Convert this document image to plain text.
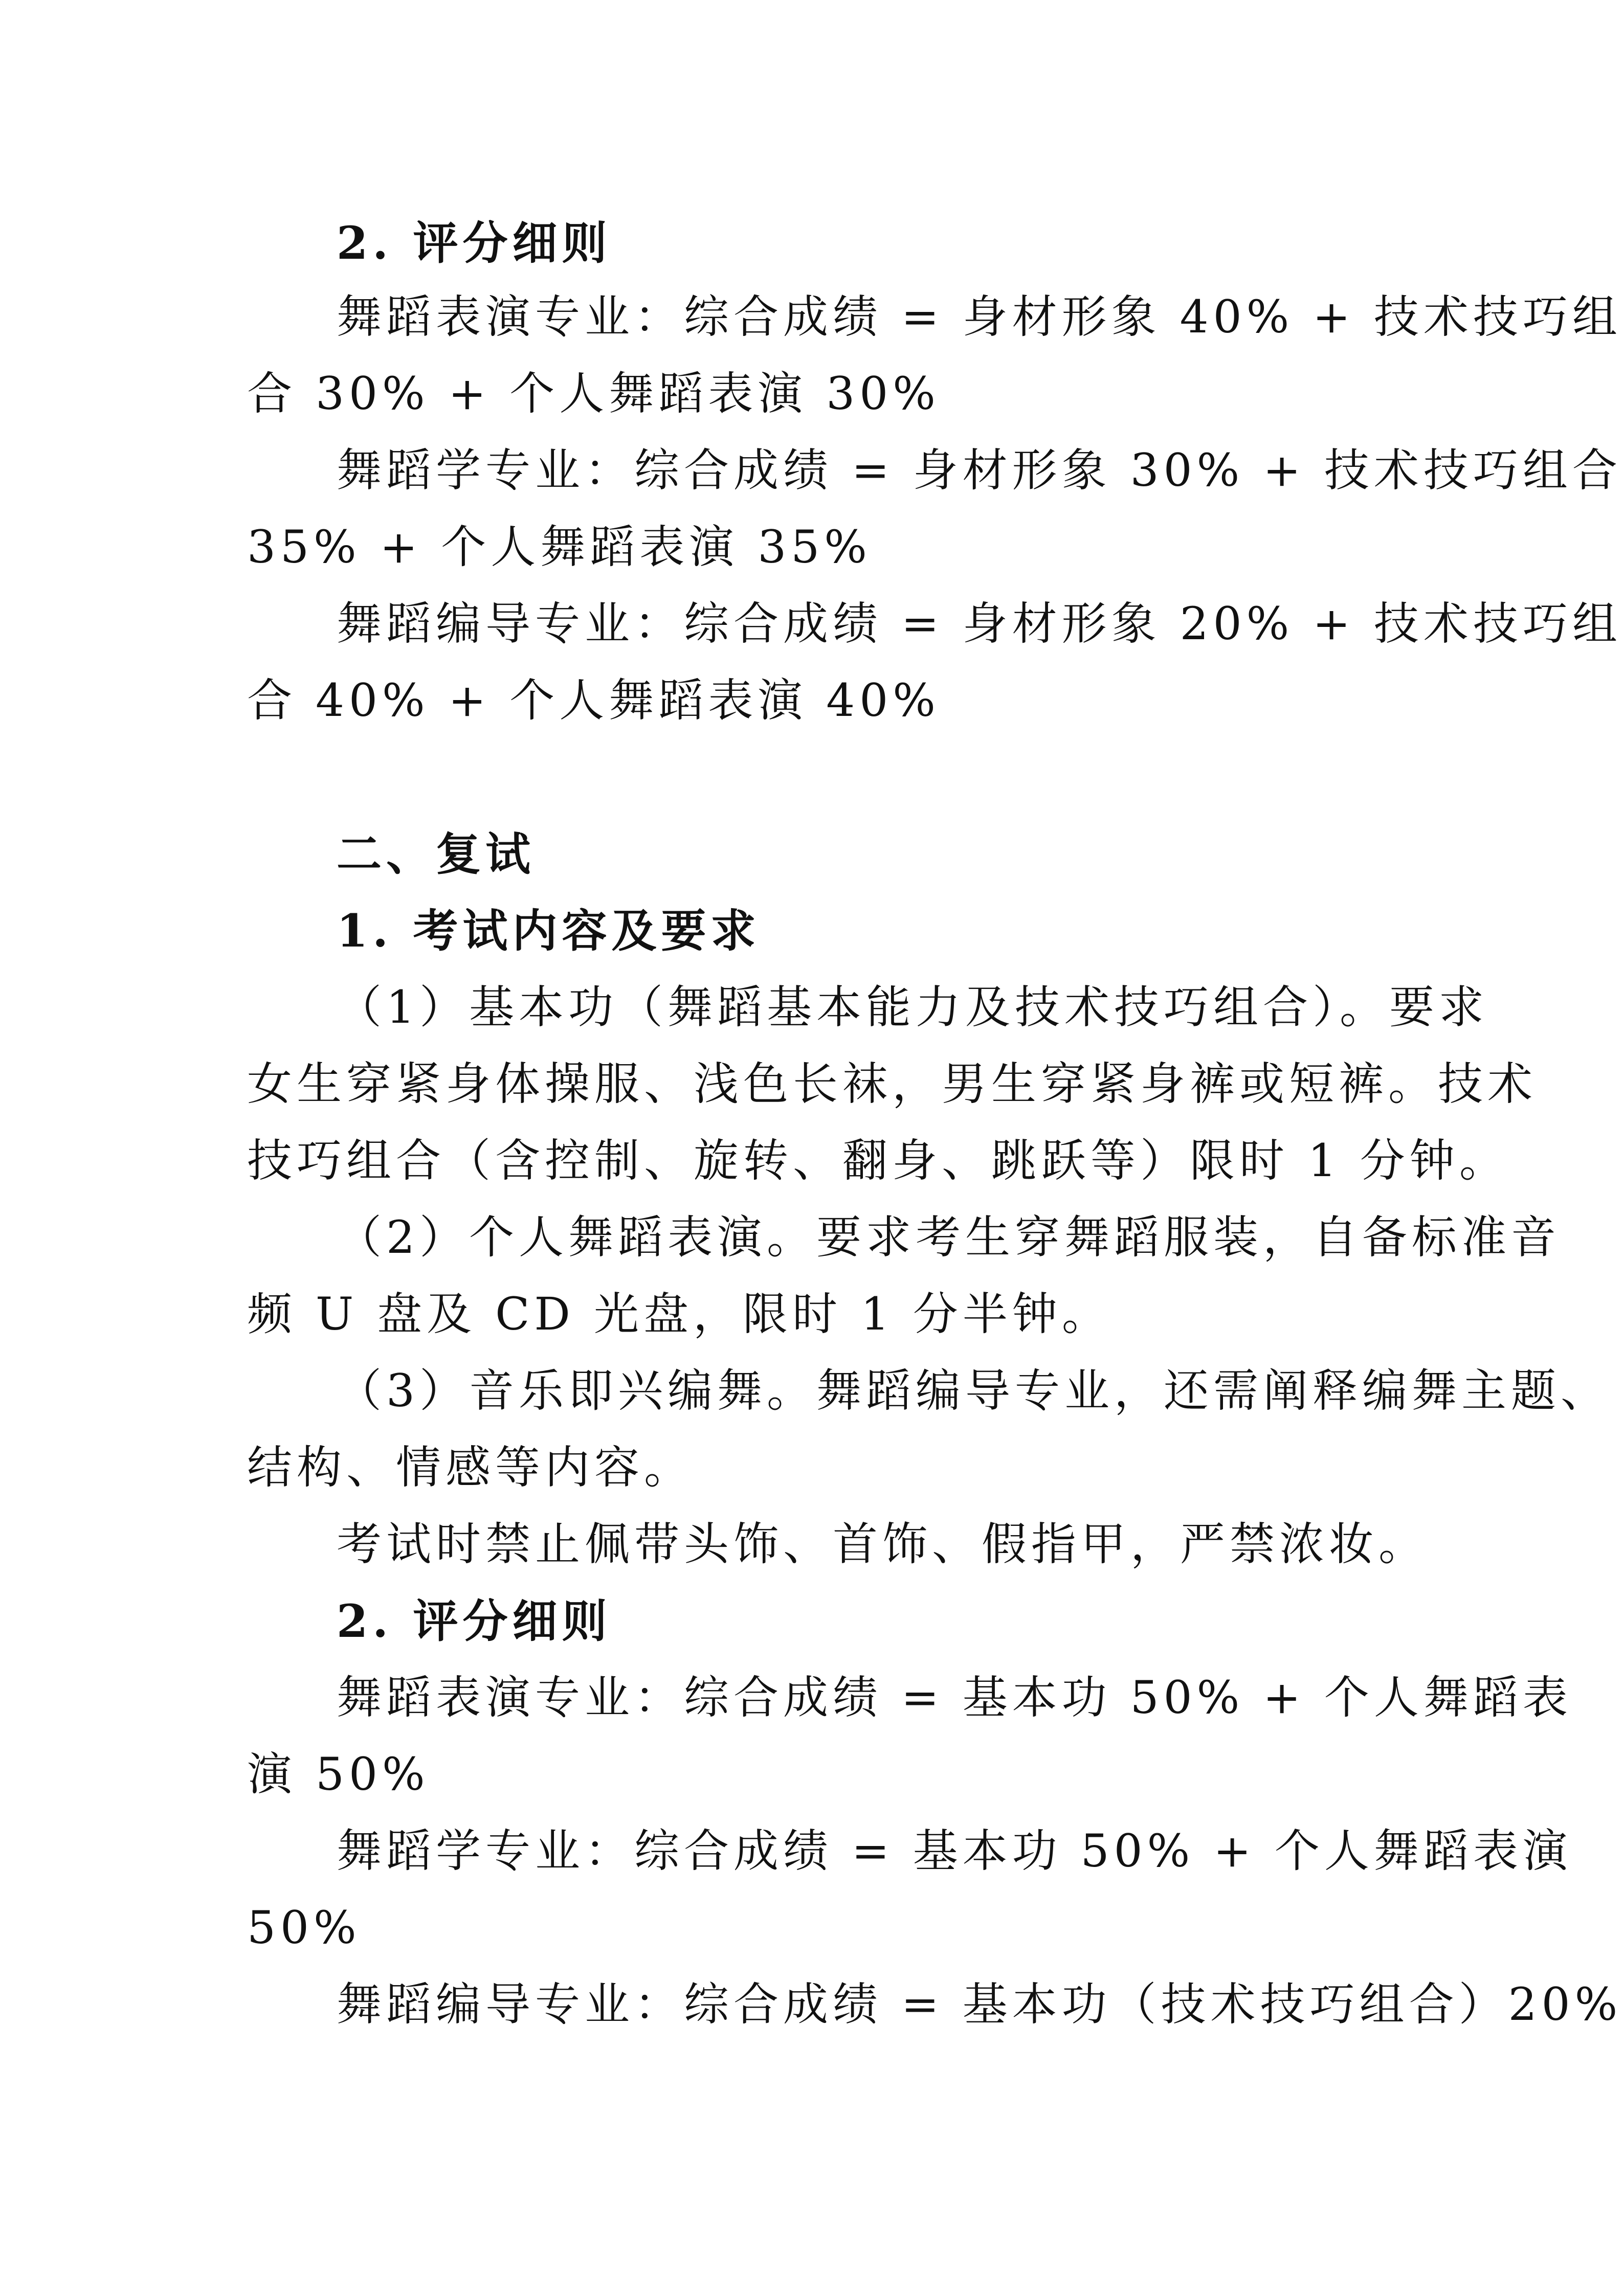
2. 评分细则
舞蹈表演专业：综合成绩 = 身材形象 40% + 技术技巧组
合 30% + 个人舞蹈表演 30%
舞蹈学专业：综合成绩 = 身材形象 30% + 技术技巧组合
35% + 个人舞蹈表演 35%
舞蹈编导专业：综合成绩 = 身材形象 20% + 技术技巧组
合 40% + 个人舞蹈表演 40%
二、复试
1. 考试内容及要求
（1）基本功（舞蹈基本能力及技术技巧组合）。要求
女生穿紧身体操服、浅色长袜，男生穿紧身裤或短裤。技术
技巧组合（含控制、旋转、翻身、跳跃等）限时 1 分钟。
（2）个人舞蹈表演。要求考生穿舞蹈服装，自备标准音
频 U 盘及 CD 光盘，限时 1 分半钟。
（3）音乐即兴编舞。舞蹈编导专业，还需阐释编舞主题、
结构、情感等内容。
考试时禁止佩带头饰、首饰、假指甲，严禁浓妆。
2. 评分细则
舞蹈表演专业：综合成绩 = 基本功 50% + 个人舞蹈表
演 50%
舞蹈学专业：综合成绩 = 基本功 50% + 个人舞蹈表演
50%
舞蹈编导专业：综合成绩 = 基本功（技术技巧组合）20%
